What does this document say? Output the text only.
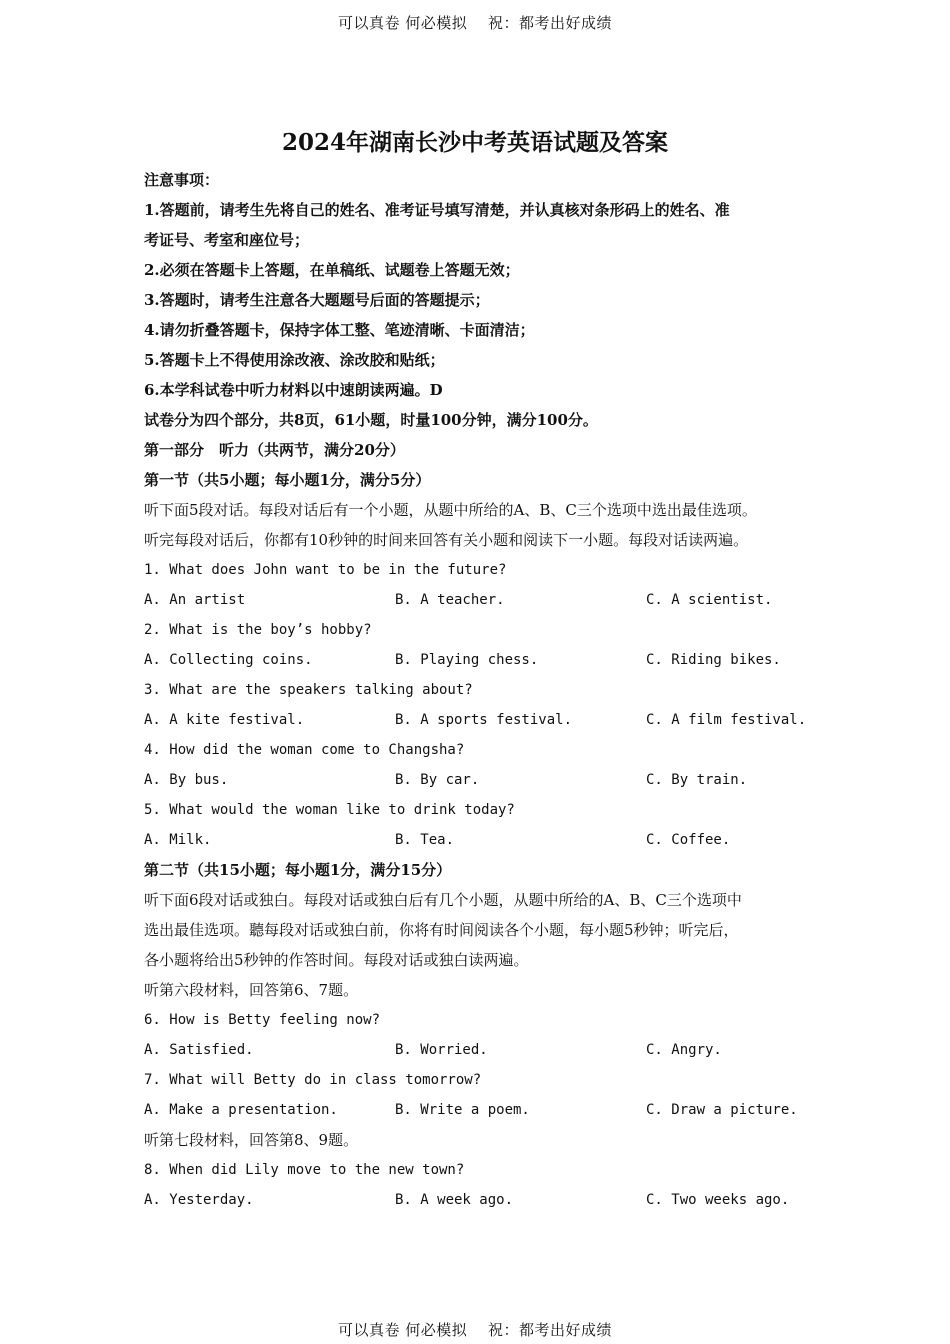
可以真卷 何必模拟　 祝：都考出好成绩
2024年湖南长沙中考英语试题及答案
注意事项：
1.答题前，请考生先将自己的姓名、准考证号填写清楚，并认真核对条形码上的姓名、准
考证号、考室和座位号；
2.必须在答题卡上答题，在单稿纸、试题卷上答题无效；
3.答题时，请考生注意各大题题号后面的答题提示；
4.请勿折叠答题卡，保持字体工整、笔迹清晰、卡面清洁；
5.答题卡上不得使用涂改液、涂改胶和贴纸；
6.本学科试卷中听力材料以中速朗读两遍。D
试卷分为四个部分，共8页，61小题，时量100分钟，满分100分。
第一部分　听力（共两节，满分20分）
第一节（共5小题；每小题1分，满分5分）
听下面5段对话。每段对话后有一个小题，从题中所给的A、B、C三个选项中选出最佳选项。
听完每段对话后，你都有10秒钟的时间来回答有关小题和阅读下一小题。每段对话读两遍。
1. What does John want to be in the future?
A. An artist	B. A teacher.	C. A scientist.
2. What is the boy’s hobby?
A. Collecting coins.	B. Playing chess.	C. Riding bikes.
3. What are the speakers talking about?
A. A kite festival.	B. A sports festival.	C. A film festival.
4. How did the woman come to Changsha?
A. By bus.	B. By car.	C. By train.
5. What would the woman like to drink today?
A. Milk.	B. Tea.	C. Coffee.
第二节（共15小题；每小题1分，满分15分）
听下面6段对话或独白。每段对话或独白后有几个小题，从题中所给的A、B、C三个选项中
选出最佳选项。聽每段对话或独白前，你将有时间阅读各个小题，每小题5秒钟；听完后，
各小题将给出5秒钟的作答时间。每段对话或独白读两遍。
听第六段材料，回答第6、7题。
6. How is Betty feeling now?
A. Satisfied.	B. Worried.	C. Angry.
7. What will Betty do in class tomorrow?
A. Make a presentation.	B. Write a poem.	C. Draw a picture.
听第七段材料，回答第8、9题。
8. When did Lily move to the new town?
A. Yesterday.	B. A week ago.	C. Two weeks ago.
可以真卷 何必模拟　 祝：都考出好成绩
